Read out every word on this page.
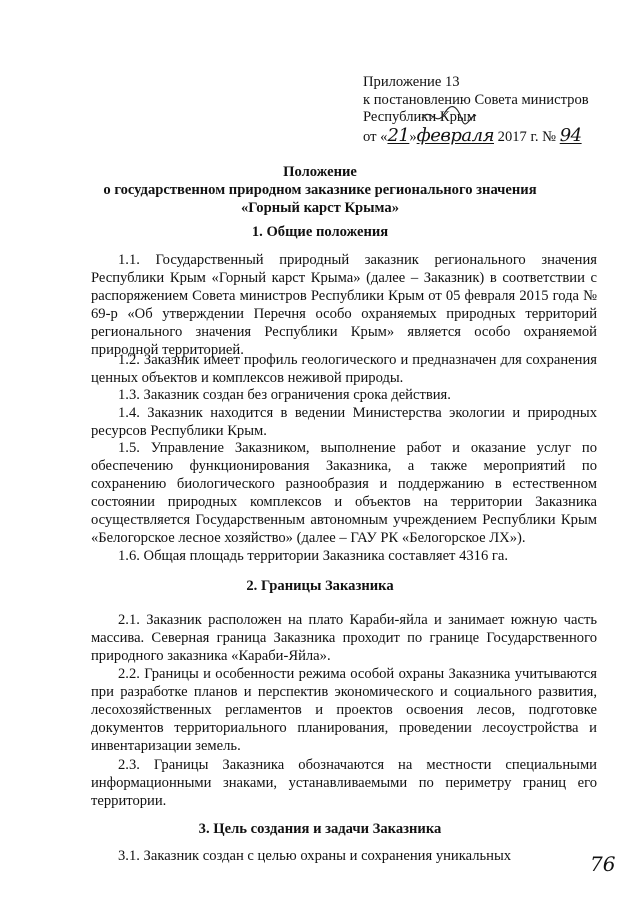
Приложение 13
к постановлению Совета министров
Республики Крым
от «21»февраля 2017 г. № 94
Положение
о государственном природном заказнике регионального значения
«Горный карст Крыма»
1. Общие положения

1.1. Государственный природный заказник регионального значения Республики Крым «Горный карст Крыма» (далее – Заказник) в соответствии с распоряжением Совета министров Республики Крым от 05 февраля 2015 года № 69-р «Об утверждении Перечня особо охраняемых природных территорий регионального значения Республики Крым» является особо охраняемой природной территорией.

1.2. Заказник имеет профиль геологического и предназначен для сохранения ценных объектов и комплексов неживой природы.

1.3. Заказник создан без ограничения срока действия.

1.4. Заказник находится в ведении Министерства экологии и природных ресурсов Республики Крым.

1.5. Управление Заказником, выполнение работ и оказание услуг по обеспечению функционирования Заказника, а также мероприятий по сохранению биологического разнообразия и поддержанию в естественном состоянии природных комплексов и объектов на территории Заказника осуществляется Государственным автономным учреждением Республики Крым «Белогорское лесное хозяйство» (далее – ГАУ РК «Белогорское ЛХ»).

1.6. Общая площадь территории Заказника составляет 4316 га.

2. Границы Заказника

2.1. Заказник расположен на плато Караби-яйла и занимает южную часть массива. Северная граница Заказника проходит по границе Государственного природного заказника «Караби-Яйла».

2.2. Границы и особенности режима особой охраны Заказника учитываются при разработке планов и перспектив экономического и социального развития, лесохозяйственных регламентов и проектов освоения лесов, подготовке документов территориального планирования, проведении лесоустройства и инвентаризации земель.

2.3. Границы Заказника обозначаются на местности специальными информационными знаками, устанавливаемыми по периметру границ его территории.

3. Цель создания и задачи Заказника

3.1. Заказник создан с целью охраны и сохранения уникальных	76
